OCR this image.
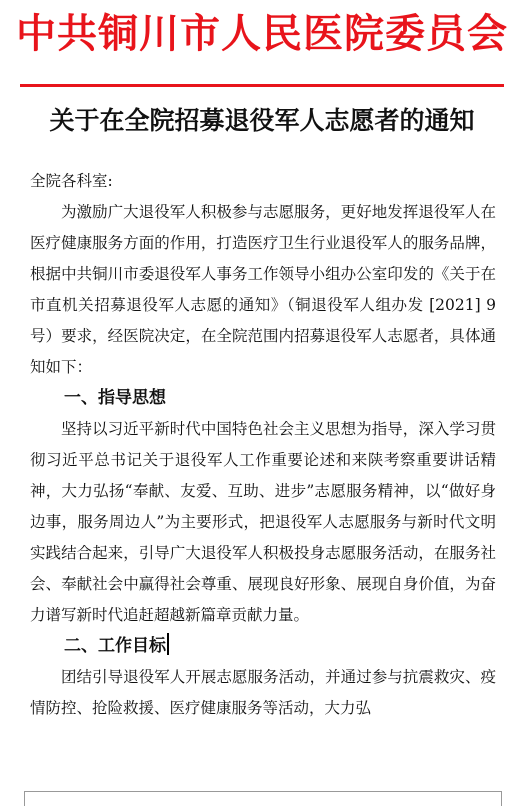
中共铜川市人民医院委员会
关于在全院招募退役军人志愿者的通知

全院各科室:

为激励广大退役军人积极参与志愿服务，更好地发挥退役军人在医疗健康服务方面的作用，打造医疗卫生行业退役军人的服务品牌，根据中共铜川市委退役军人事务工作领导小组办公室印发的《关于在市直机关招募退役军人志愿的通知》（铜退役军人组办发 [2021] 9 号）要求，经医院决定，在全院范围内招募退役军人志愿者，具体通知如下：

一、指导思想

坚持以习近平新时代中国特色社会主义思想为指导，深入学习贯彻习近平总书记关于退役军人工作重要论述和来陕考察重要讲话精神，大力弘扬“奉献、友爱、互助、进步”志愿服务精神，以“做好身边事，服务周边人”为主要形式，把退役军人志愿服务与新时代文明实践结合起来，引导广大退役军人积极投身志愿服务活动，在服务社会、奉献社会中赢得社会尊重、展现良好形象、展现自身价值，为奋力谱写新时代追赶超越新篇章贡献力量。

二、工作目标

团结引导退役军人开展志愿服务活动，并通过参与抗震救灾、疫情防控、抢险救援、医疗健康服务等活动，大力弘
